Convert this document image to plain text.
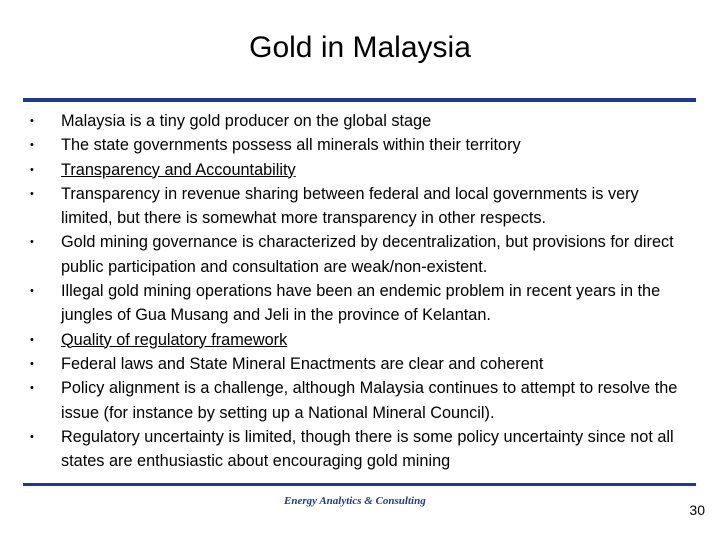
Gold in Malaysia
• Malaysia is a tiny gold producer on the global stage
• The state governments possess all minerals within their territory
• Transparency and Accountability
• Transparency in revenue sharing between federal and local governments is very limited, but there is somewhat more transparency in other respects.
• Gold mining governance is characterized by decentralization, but provisions for direct public participation and consultation are weak/non-existent.
• Illegal gold mining operations have been an endemic problem in recent years in the jungles of Gua Musang and Jeli in the province of Kelantan.
• Quality of regulatory framework
• Federal laws and State Mineral Enactments are clear and coherent
• Policy alignment is a challenge, although Malaysia continues to attempt to resolve the issue (for instance by setting up a National Mineral Council).
• Regulatory uncertainty is limited, though there is some policy uncertainty since not all states are enthusiastic about encouraging gold mining
Energy Analytics & Consulting
30
